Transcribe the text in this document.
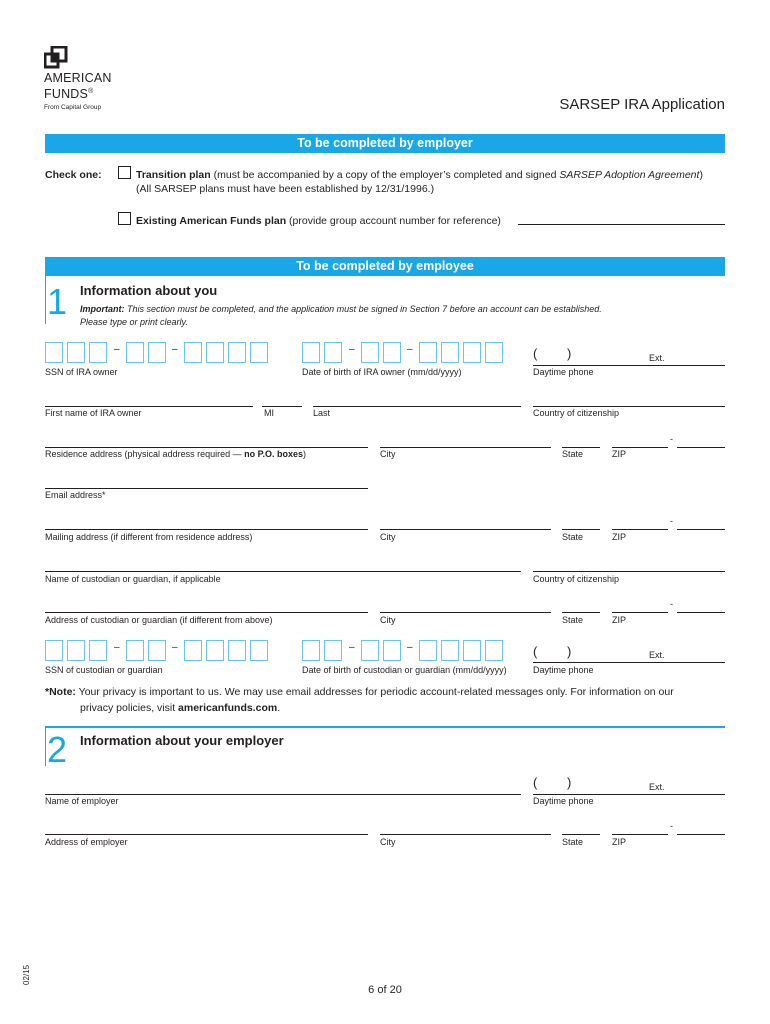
AMERICAN
FUNDS®
From Capital Group	SARSEP IRA Application
To be completed by employer
Check one:	Transition plan (must be accompanied by a copy of the employer’s completed and signed SARSEP Adoption Agreement)
(All SARSEP plans must have been established by 12/31/1996.)
Existing American Funds plan (provide group account number for reference)
To be completed by employee
1 Information about you
Important: This section must be completed, and the application must be signed in Section 7 before an account can be established.
Please type or print clearly.
–	–	–	–	( )	Ext.
SSN of IRA owner	Date of birth of IRA owner (mm/dd/yyyy)	Daytime phone
First name of IRA owner	MI	Last	Country of citizenship
-
Residence address (physical address required — no P.O. boxes)	City	State	ZIP
Email address*
-
Mailing address (if different from residence address)	City	State	ZIP
Name of custodian or guardian, if applicable	Country of citizenship
-
Address of custodian or guardian (if different from above)	City	State	ZIP
–	–	–	–	( )	Ext.
SSN of custodian or guardian	Date of birth of custodian or guardian (mm/dd/yyyy)	Daytime phone
*Note: Your privacy is important to us. We may use email addresses for periodic account-related messages only. For information on our
privacy policies, visit americanfunds.com.
2 Information about your employer
( )	Ext.
Name of employer	Daytime phone
-
Address of employer	City	State	ZIP
6 of 20
02/15
